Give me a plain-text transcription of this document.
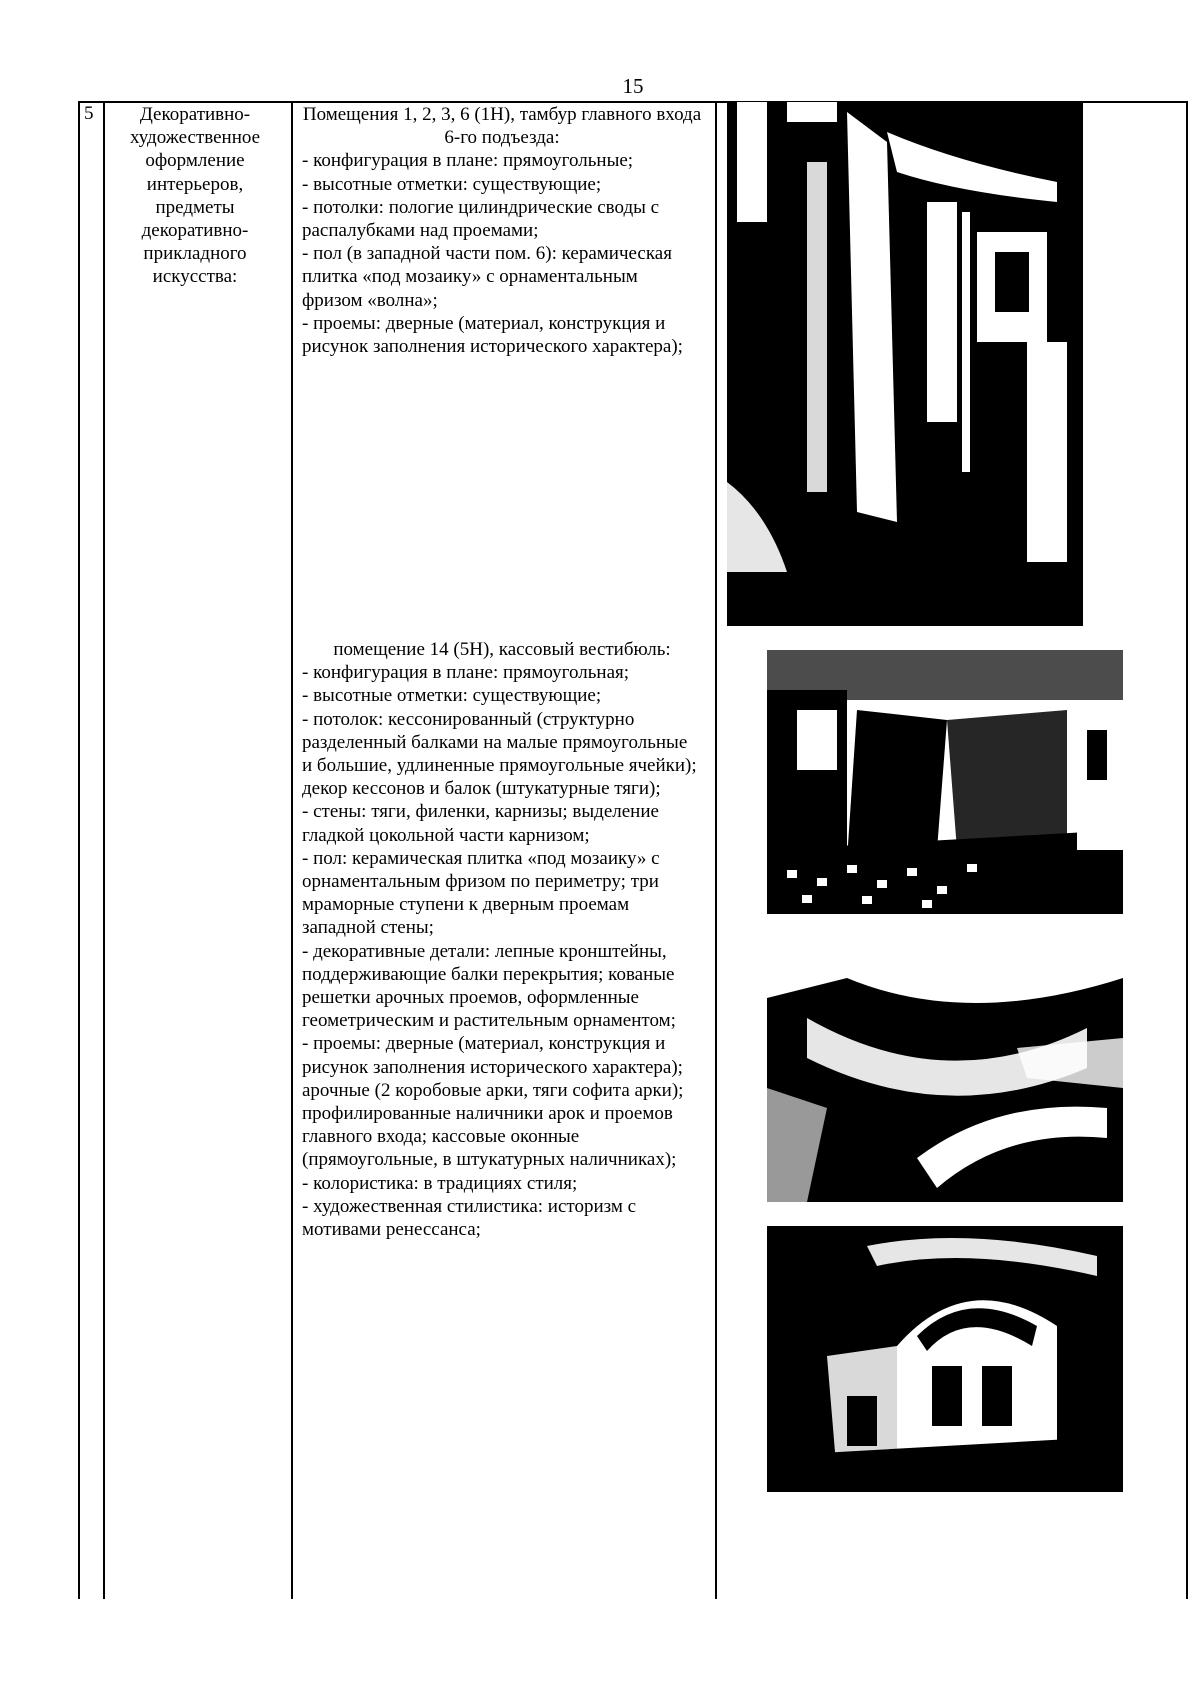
15
5	Декоративно-художественное оформление интерьеров, предметы декоративно-прикладного искусства:

Помещения 1, 2, 3, 6 (1Н), тамбур главного входа 6-го подъезда:

- конфигурация в плане: прямоугольные;

- высотные отметки: существующие;

- потолки: пологие цилиндрические своды с распалубками над проемами;

- пол (в западной части пом. 6): керамическая плитка «под мозаику» с орнаментальным фризом «волна»;

- проемы: дверные (материал, конструкция и рисунок заполнения исторического характера);

помещение 14 (5Н), кассовый вестибюль:

- конфигурация в плане: прямоугольная;

- высотные отметки: существующие;

- потолок: кессонированный (структурно разделенный балками на малые прямоугольные и большие, удлиненные прямоугольные ячейки); декор кессонов и балок (штукатурные тяги);

- стены: тяги, филенки, карнизы; выделение гладкой цокольной части карнизом;

- пол: керамическая плитка «под мозаику» с орнаментальным фризом по периметру; три мраморные ступени к дверным проемам западной стены;

- декоративные детали: лепные кронштейны, поддерживающие балки перекрытия; кованые решетки арочных проемов, оформленные геометрическим и растительным орнаментом;

- проемы: дверные (материал, конструкция и рисунок заполнения исторического характера); арочные (2 коробовые арки, тяги софита арки); профилированные наличники арок и проемов главного входа; кассовые оконные (прямоугольные, в штукатурных наличниках);

- колористика: в традициях стиля;

- художественная стилистика: историзм с мотивами ренессанса;
